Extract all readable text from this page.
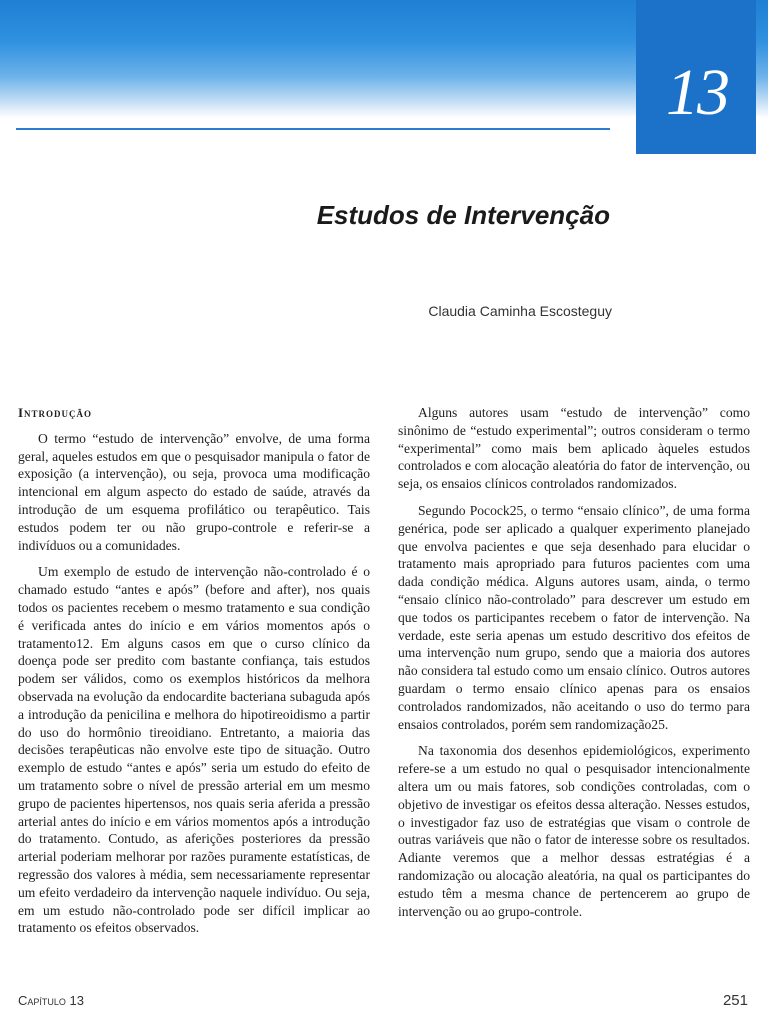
13
Estudos de Intervenção
Claudia Caminha Escosteguy
Introdução

O termo “estudo de intervenção” envolve, de uma forma geral, aqueles estudos em que o pesquisador manipula o fator de exposição (a intervenção), ou seja, provoca uma modificação intencional em algum aspecto do estado de saúde, através da introdução de um esquema profilático ou terapêutico. Tais estudos podem ter ou não grupo-controle e referir-se a indivíduos ou a comunidades.

Um exemplo de estudo de intervenção não-controlado é o chamado estudo “antes e após” (before and after), nos quais todos os pacientes recebem o mesmo tratamento e sua condição é verificada antes do início e em vários momentos após o tratamento12. Em alguns casos em que o curso clínico da doença pode ser predito com bastante confiança, tais estudos podem ser válidos, como os exemplos históricos da melhora observada na evolução da endocardite bacteriana subaguda após a introdução da penicilina e melhora do hipotireoidismo a partir do uso do hormônio tireoidiano. Entretanto, a maioria das decisões terapêuticas não envolve este tipo de situação. Outro exemplo de estudo “antes e após” seria um estudo do efeito de um tratamento sobre o nível de pressão arterial em um mesmo grupo de pacientes hipertensos, nos quais seria aferida a pressão arterial antes do início e em vários momentos após a introdução do tratamento. Contudo, as aferições posteriores da pressão arterial poderiam melhorar por razões puramente estatísticas, de regressão dos valores à média, sem necessariamente representar um efeito verdadeiro da intervenção naquele indivíduo. Ou seja, em um estudo não-controlado pode ser difícil implicar ao tratamento os efeitos observados.

Alguns autores usam “estudo de intervenção” como sinônimo de “estudo experimental”; outros consideram o termo “experimental” como mais bem aplicado àqueles estudos controlados e com alocação aleatória do fator de intervenção, ou seja, os ensaios clínicos controlados randomizados.

Segundo Pocock25, o termo “ensaio clínico”, de uma forma genérica, pode ser aplicado a qualquer experimento planejado que envolva pacientes e que seja desenhado para elucidar o tratamento mais apropriado para futuros pacientes com uma dada condição médica. Alguns autores usam, ainda, o termo “ensaio clínico não-controlado” para descrever um estudo em que todos os participantes recebem o fator de intervenção. Na verdade, este seria apenas um estudo descritivo dos efeitos de uma intervenção num grupo, sendo que a maioria dos autores não considera tal estudo como um ensaio clínico. Outros autores guardam o termo ensaio clínico apenas para os ensaios controlados randomizados, não aceitando o uso do termo para ensaios controlados, porém sem randomização25.

Na taxonomia dos desenhos epidemiológicos, experimento refere-se a um estudo no qual o pesquisador intencionalmente altera um ou mais fatores, sob condições controladas, com o objetivo de investigar os efeitos dessa alteração. Nesses estudos, o investigador faz uso de estratégias que visam o controle de outras variáveis que não o fator de interesse sobre os resultados. Adiante veremos que a melhor dessas estratégias é a randomização ou alocação aleatória, na qual os participantes do estudo têm a mesma chance de pertencerem ao grupo de intervenção ou ao grupo-controle.

Capítulo 13	251
